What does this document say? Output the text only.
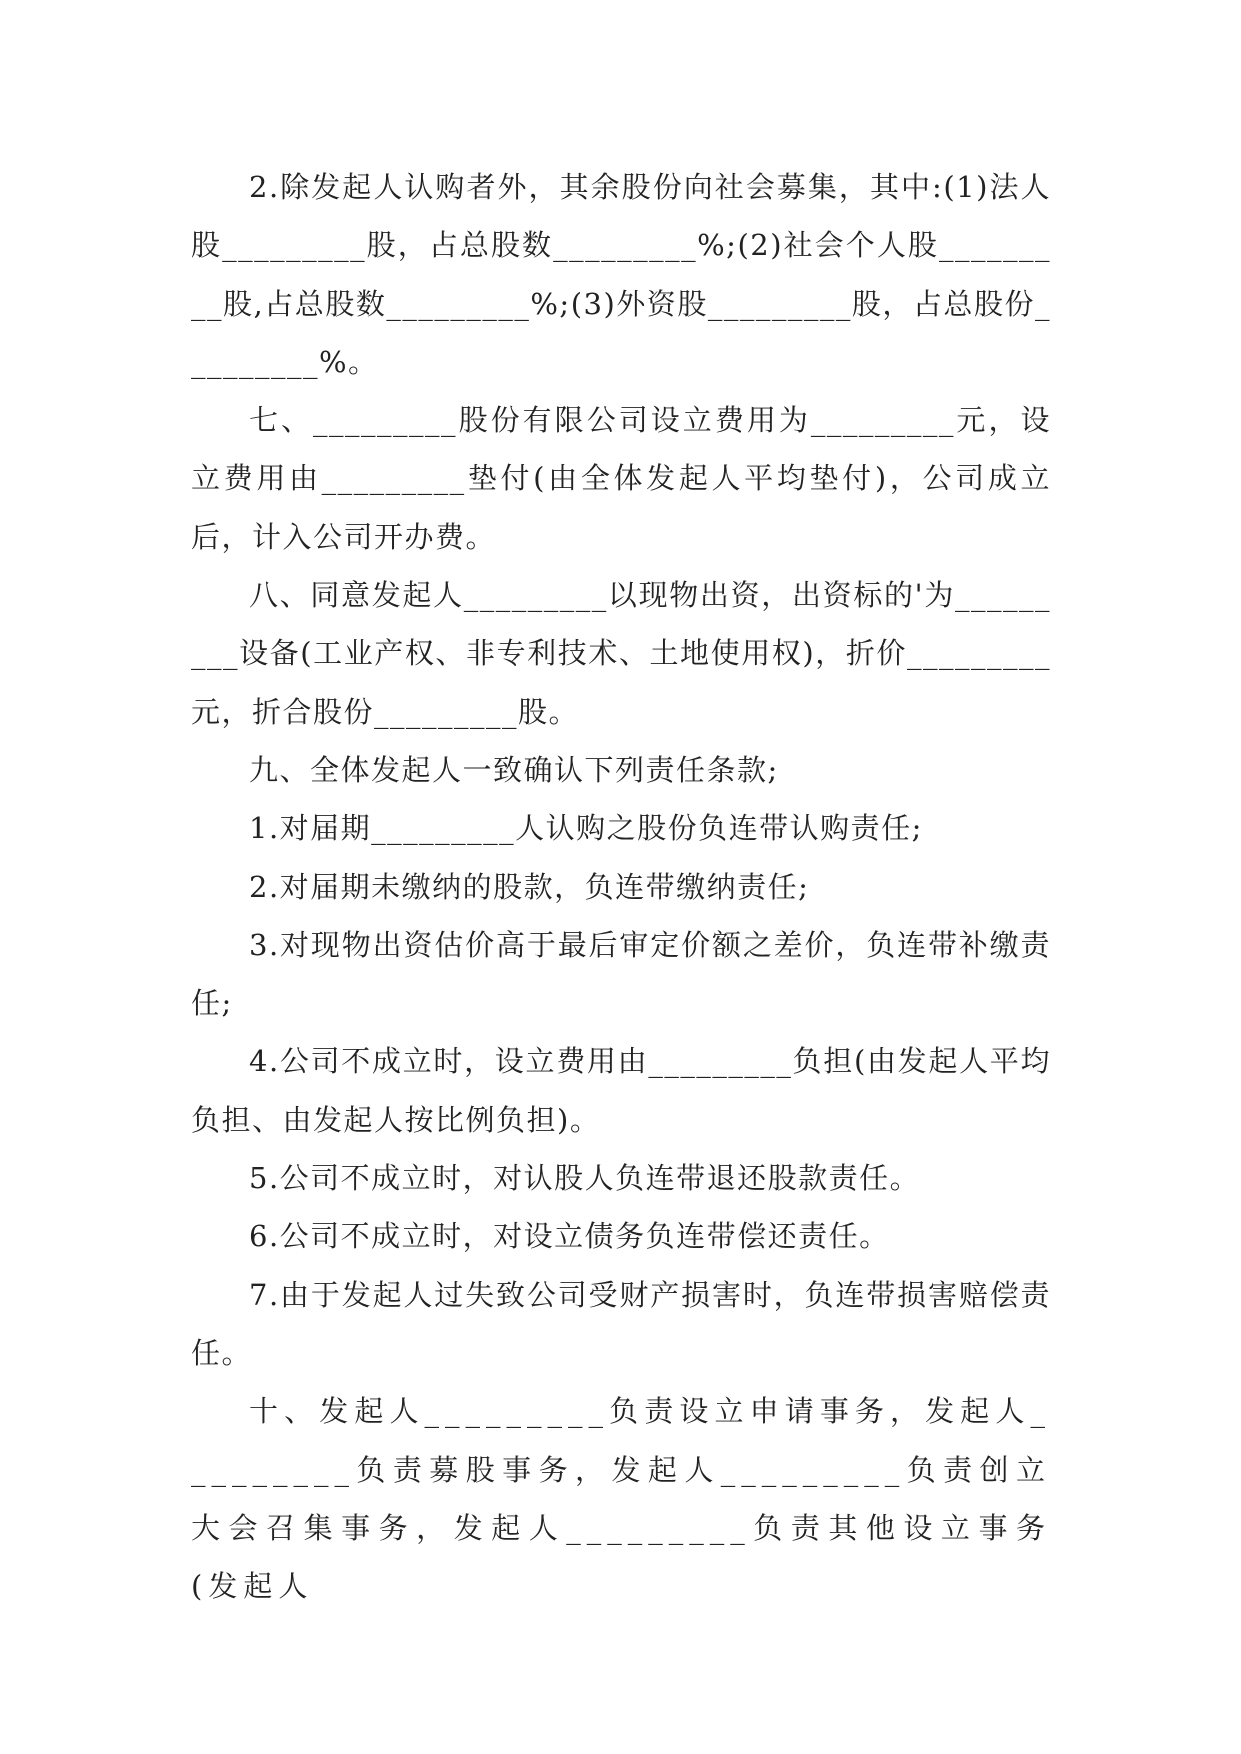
2.除发起人认购者外，其余股份向社会募集，其中:(1)法人股_________股，占总股数_________%;(2)社会个人股_________股,占总股数_________%;(3)外资股_________股，占总股份_________%。

七、_________股份有限公司设立费用为_________元，设立费用由_________垫付(由全体发起人平均垫付)，公司成立后，计入公司开办费。

八、同意发起人_________以现物出资，出资标的'为_________设备(工业产权、非专利技术、土地使用权)，折价_________元，折合股份_________股。

九、全体发起人一致确认下列责任条款;

1.对届期_________人认购之股份负连带认购责任;

2.对届期未缴纳的股款，负连带缴纳责任;

3.对现物出资估价高于最后审定价额之差价，负连带补缴责任;

4.公司不成立时，设立费用由_________负担(由发起人平均负担、由发起人按比例负担)。

5.公司不成立时，对认股人负连带退还股款责任。

6.公司不成立时，对设立债务负连带偿还责任。

7.由于发起人过失致公司受财产损害时，负连带损害赔偿责任。

十、发起人_________负责设立申请事务，发起人_________负责募股事务，发起人_________负责创立大会召集事务，发起人_________负责其他设立事务(发起人
